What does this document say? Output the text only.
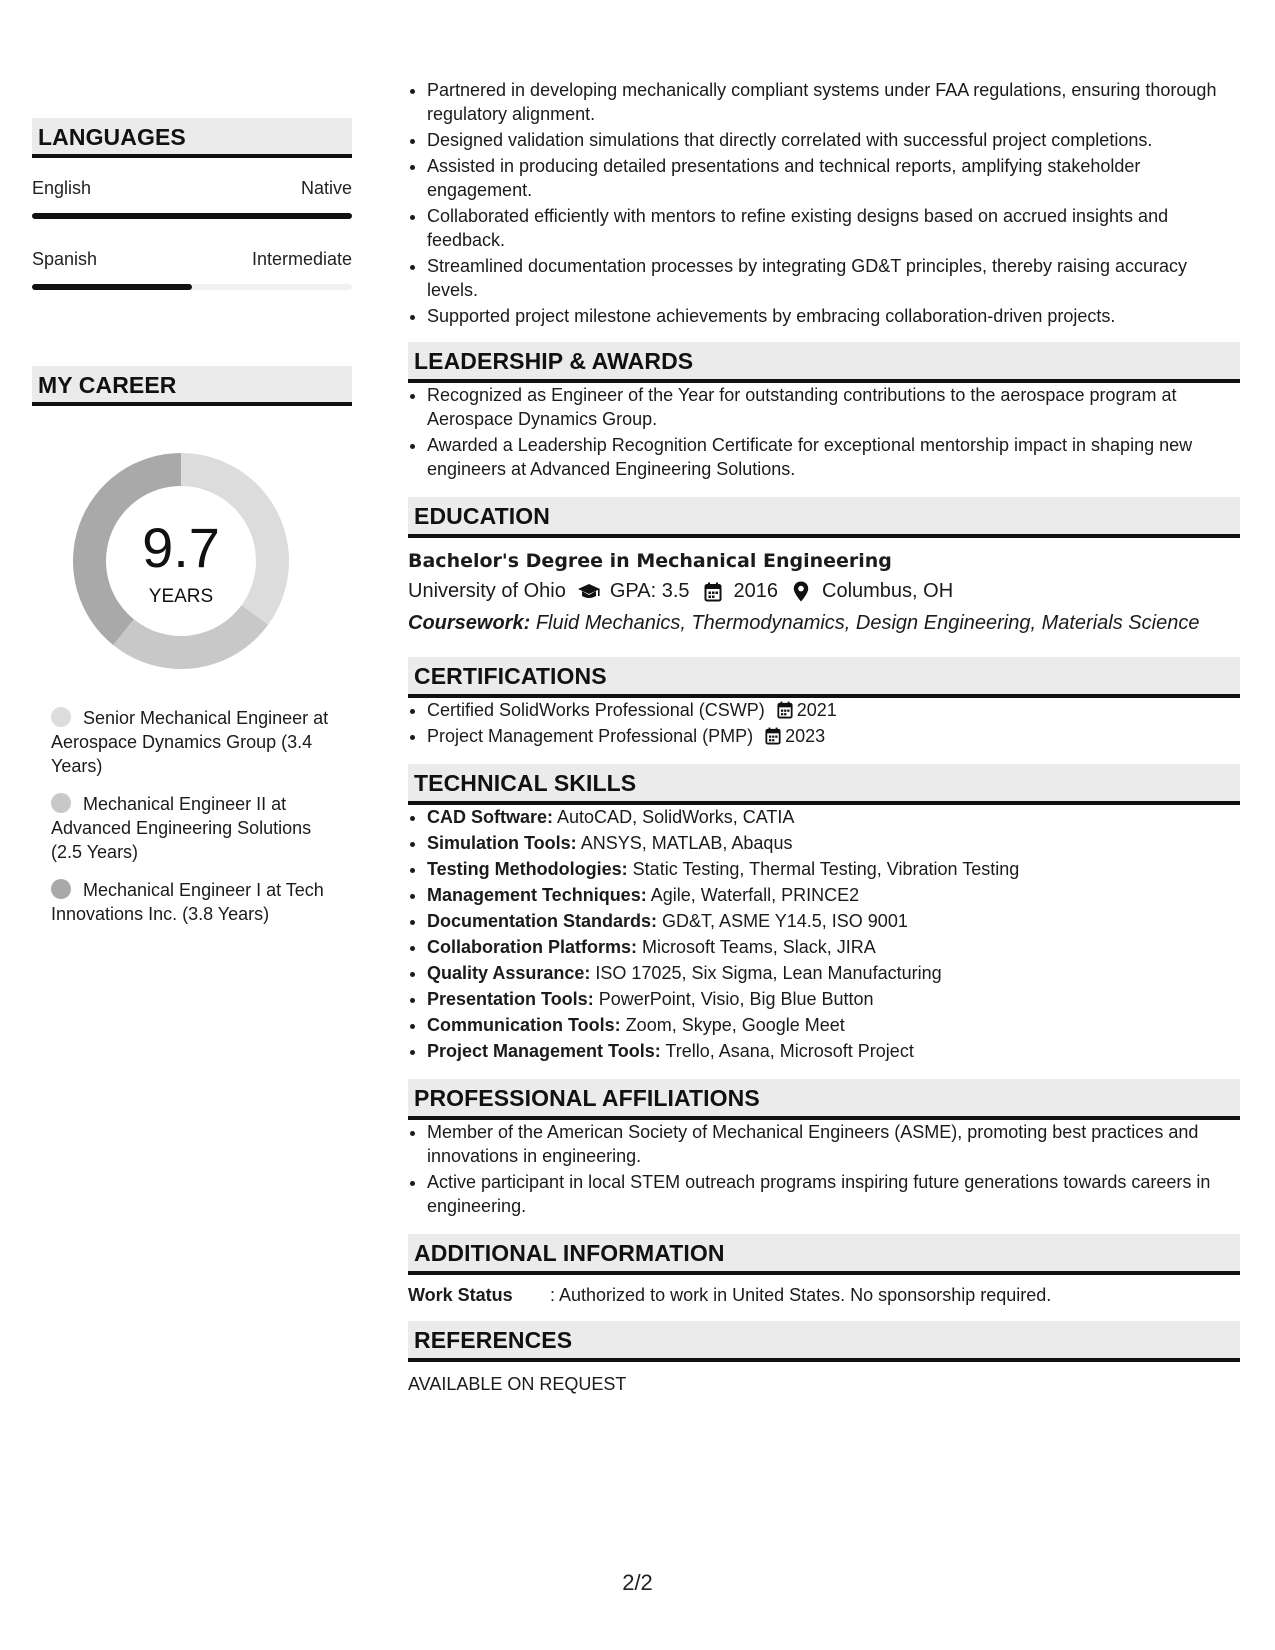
LANGUAGES
English	Native
Spanish	Intermediate
MY CAREER
9.7
YEARS
Senior Mechanical Engineer at Aerospace Dynamics Group (3.4 Years)
Mechanical Engineer II at Advanced Engineering Solutions (2.5 Years)
Mechanical Engineer I at Tech Innovations Inc. (3.8 Years)
• Partnered in developing mechanically compliant systems under FAA regulations, ensuring thorough regulatory alignment.
• Designed validation simulations that directly correlated with successful project completions.
• Assisted in producing detailed presentations and technical reports, amplifying stakeholder engagement.
• Collaborated efficiently with mentors to refine existing designs based on accrued insights and feedback.
• Streamlined documentation processes by integrating GD&T principles, thereby raising accuracy levels.
• Supported project milestone achievements by embracing collaboration-driven projects.
LEADERSHIP & AWARDS
• Recognized as Engineer of the Year for outstanding contributions to the aerospace program at Aerospace Dynamics Group.
• Awarded a Leadership Recognition Certificate for exceptional mentorship impact in shaping new engineers at Advanced Engineering Solutions.
EDUCATION
Bachelor's Degree in Mechanical Engineering
University of Ohio GPA: 3.5 2016 Columbus, OH
Coursework: Fluid Mechanics, Thermodynamics, Design Engineering, Materials Science
CERTIFICATIONS
• Certified SolidWorks Professional (CSWP) 2021
• Project Management Professional (PMP) 2023
TECHNICAL SKILLS
• CAD Software: AutoCAD, SolidWorks, CATIA
• Simulation Tools: ANSYS, MATLAB, Abaqus
• Testing Methodologies: Static Testing, Thermal Testing, Vibration Testing
• Management Techniques: Agile, Waterfall, PRINCE2
• Documentation Standards: GD&T, ASME Y14.5, ISO 9001
• Collaboration Platforms: Microsoft Teams, Slack, JIRA
• Quality Assurance: ISO 17025, Six Sigma, Lean Manufacturing
• Presentation Tools: PowerPoint, Visio, Big Blue Button
• Communication Tools: Zoom, Skype, Google Meet
• Project Management Tools: Trello, Asana, Microsoft Project
PROFESSIONAL AFFILIATIONS
• Member of the American Society of Mechanical Engineers (ASME), promoting best practices and innovations in engineering.
• Active participant in local STEM outreach programs inspiring future generations towards careers in engineering.
ADDITIONAL INFORMATION
Work Status	: Authorized to work in United States. No sponsorship required.
REFERENCES
AVAILABLE ON REQUEST
2/2
